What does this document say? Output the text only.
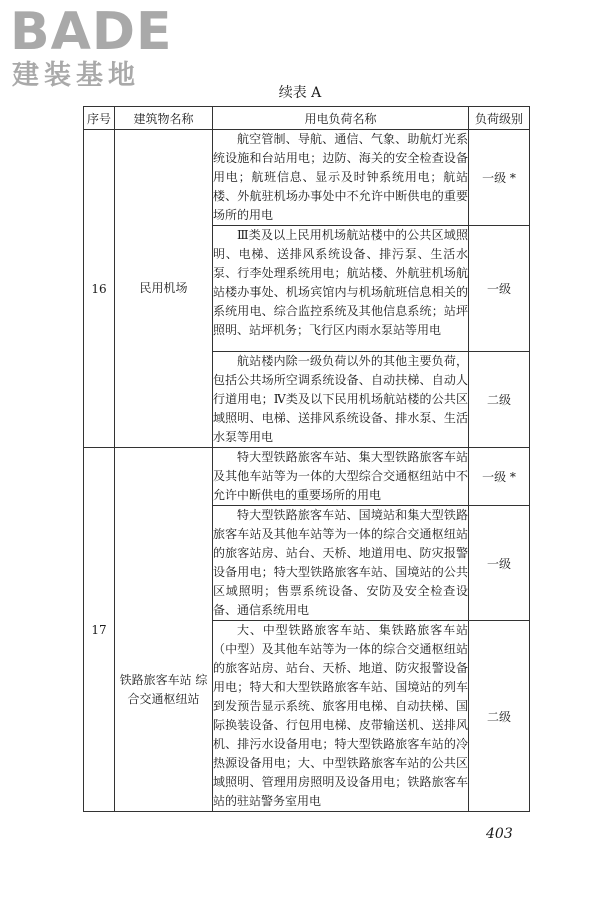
BADE
建装基地
续表 A
序号	建筑物名称	用电负荷名称	负荷级别
16	民用机场	航空管制、导航、通信、气象、助航灯光系统设施和台站用电；边防、海关的安全检查设备用电；航班信息、显示及时钟系统用电；航站楼、外航驻机场办事处中不允许中断供电的重要场所的用电	一级 *
		Ⅲ类及以上民用机场航站楼中的公共区域照明、电梯、送排风系统设备、排污泵、生活水泵、行李处理系统用电；航站楼、外航驻机场航站楼办事处、机场宾馆内与机场航班信息相关的系统用电、综合监控系统及其他信息系统；站坪照明、站坪机务；飞行区内雨水泵站等用电	一级
		航站楼内除一级负荷以外的其他主要负荷，包括公共场所空调系统设备、自动扶梯、自动人行道用电；Ⅳ类及以下民用机场航站楼的公共区域照明、电梯、送排风系统设备、排水泵、生活水泵等用电	二级
17	铁路旅客车站 综合交通枢纽站	特大型铁路旅客车站、集大型铁路旅客车站及其他车站等为一体的大型综合交通枢纽站中不允许中断供电的重要场所的用电	一级 *
		特大型铁路旅客车站、国境站和集大型铁路旅客车站及其他车站等为一体的综合交通枢纽站的旅客站房、站台、天桥、地道用电、防灾报警设备用电；特大型铁路旅客车站、国境站的公共区域照明；售票系统设备、安防及安全检查设备、通信系统用电	一级
		大、中型铁路旅客车站、集铁路旅客车站（中型）及其他车站等为一体的综合交通枢纽站的旅客站房、站台、天桥、地道、防灾报警设备用电；特大和大型铁路旅客车站、国境站的列车到发预告显示系统、旅客用电梯、自动扶梯、国际换装设备、行包用电梯、皮带输送机、送排风机、排污水设备用电；特大型铁路旅客车站的冷热源设备用电；大、中型铁路旅客车站的公共区域照明、管理用房照明及设备用电；铁路旅客车站的驻站警务室用电	二级
403
